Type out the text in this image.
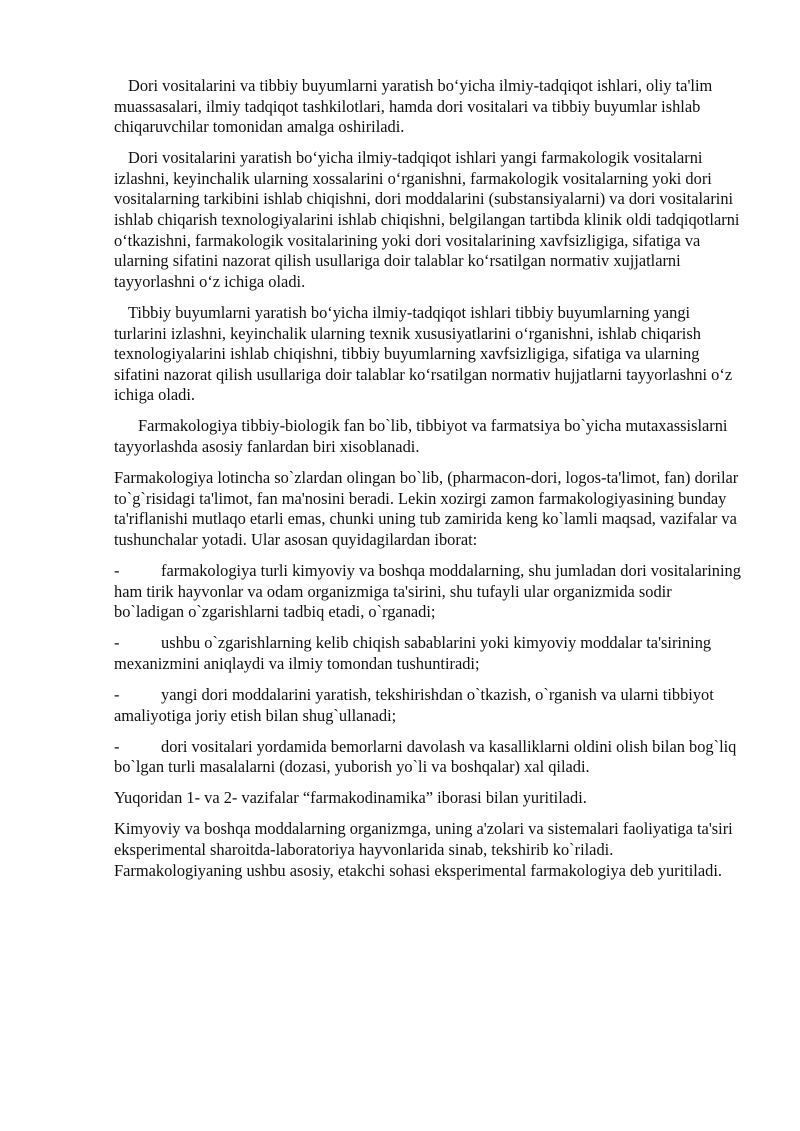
Dori vositalarini va tibbiy buyumlarni yaratish bo‘yicha ilmiy-tadqiqot ishlari, oliy ta'lim muassasalari, ilmiy tadqiqot tashkilotlari, hamda dori vositalari va tibbiy buyumlar ishlab chiqaruvchilar tomonidan amalga oshiriladi.

Dori vositalarini yaratish bo‘yicha ilmiy-tadqiqot ishlari yangi farmakologik vositalarni izlashni, keyinchalik ularning xossalarini o‘rganishni, farmakologik vositalarning yoki dori vositalarning tarkibini ishlab chiqishni, dori moddalarini (substansiyalarni) va dori vositalarini ishlab chiqarish texnologiyalarini ishlab chiqishni, belgilangan tartibda klinik oldi tadqiqotlarni o‘tkazishni, farmakologik vositalarining yoki dori vositalarining xavfsizligiga, sifatiga va ularning sifatini nazorat qilish usullariga doir talablar ko‘rsatilgan normativ xujjatlarni tayyorlashni o‘z ichiga oladi.

Tibbiy buyumlarni yaratish bo‘yicha ilmiy-tadqiqot ishlari tibbiy buyumlarning yangi turlarini izlashni, keyinchalik ularning texnik xususiyatlarini o‘rganishni, ishlab chiqarish texnologiyalarini ishlab chiqishni, tibbiy buyumlarning xavfsizligiga, sifatiga va ularning sifatini nazorat qilish usullariga doir talablar ko‘rsatilgan normativ hujjatlarni tayyorlashni o‘z ichiga oladi.

Farmakologiya tibbiy-biologik fan bo`lib, tibbiyot va farmatsiya bo`yicha mutaxassislarni tayyorlashda asosiy fanlardan biri xisoblanadi.

Farmakologiya lotincha so`zlardan olingan bo`lib, (pharmacon-dori, logos-ta'limot, fan) dorilar to`g`risidagi ta'limot, fan ma'nosini beradi. Lekin xozirgi zamon farmakologiyasining bunday ta'riflanishi mutlaqo etarli emas, chunki uning tub zamirida keng ko`lamli maqsad, vazifalar va tushunchalar yotadi. Ular asosan quyidagilardan iborat:

-	farmakologiya turli kimyoviy va boshqa moddalarning, shu jumladan dori vositalarining ham tirik hayvonlar va odam organizmiga ta'sirini, shu tufayli ular organizmida sodir bo`ladigan o`zgarishlarni tadbiq etadi, o`rganadi;
-	ushbu o`zgarishlarning kelib chiqish sabablarini yoki kimyoviy moddalar ta'sirining mexanizmini aniqlaydi va ilmiy tomondan tushuntiradi;
-	yangi dori moddalarini yaratish, tekshirishdan o`tkazish, o`rganish va ularni tibbiyot amaliyotiga joriy etish bilan shug`ullanadi;
-	dori vositalari yordamida bemorlarni davolash va kasalliklarni oldini olish bilan bog`liq bo`lgan turli masalalarni (dozasi, yuborish yo`li va boshqalar) xal qiladi.

Yuqoridan 1- va 2- vazifalar “farmakodinamika” iborasi bilan yuritiladi.

Kimyoviy va boshqa moddalarning organizmga, uning a'zolari va sistemalari faoliyatiga ta'siri eksperimental sharoitda-laboratoriya hayvonlarida sinab, tekshirib ko`riladi. Farmakologiyaning ushbu asosiy, etakchi sohasi eksperimental farmakologiya deb yuritiladi.
